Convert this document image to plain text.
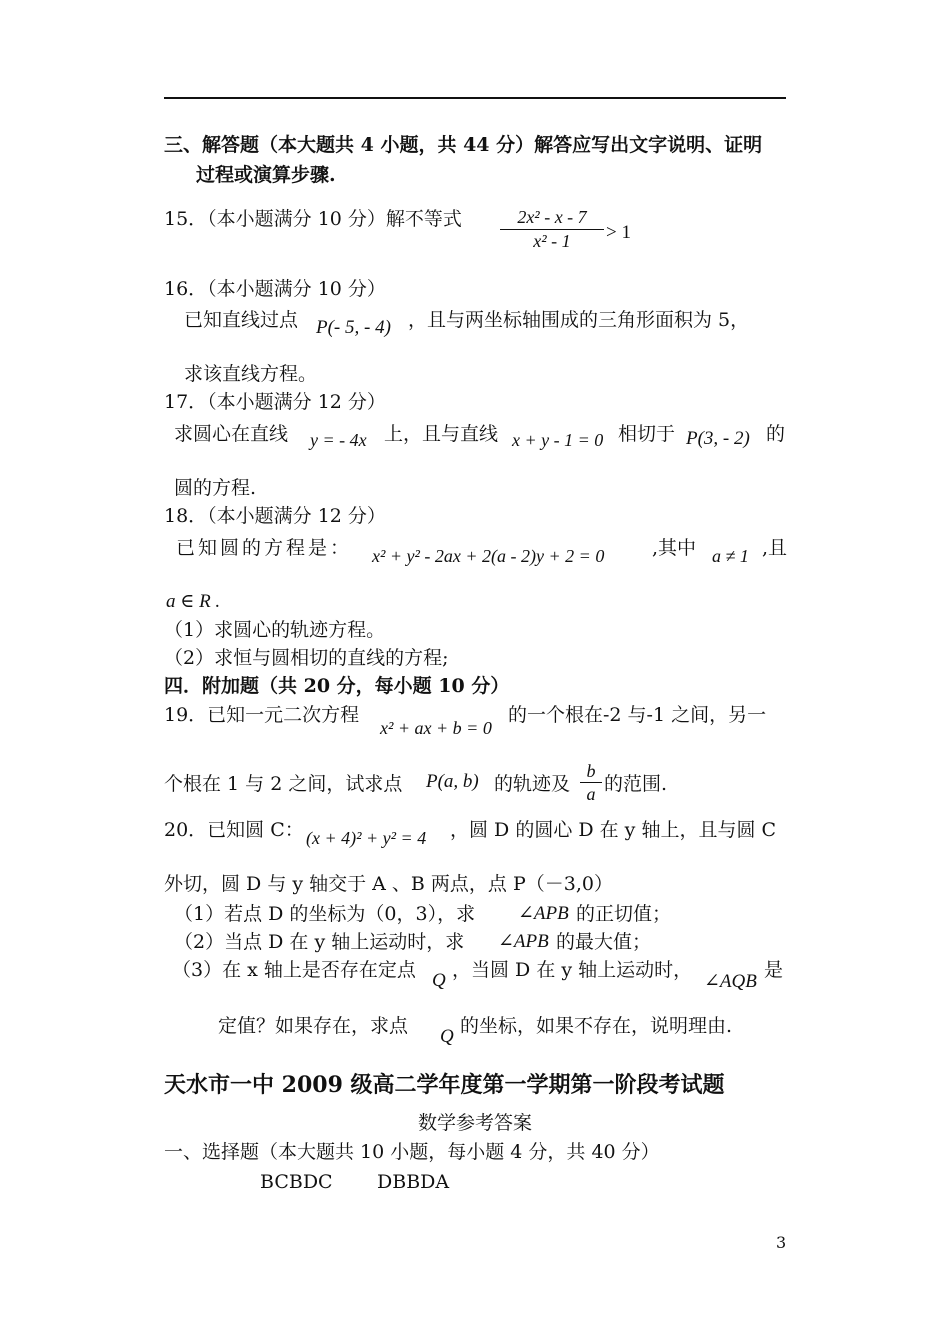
三、解答题（本大题共 4 小题，共 44 分）解答应写出文字说明、证明
过程或演算步骤.
15．（本小题满分 10 分）解不等式	2x² - x - 7
x² - 1	> 1
16．（本小题满分 10 分）
已知直线过点 P(- 5, - 4) ，且与两坐标轴围成的三角形面积为 5，
求该直线方程。
17．（本小题满分 12 分）
求圆心在直线 y = - 4x 上，且与直线 x + y - 1 = 0 相切于 P(3, - 2) 的
圆的方程.
18．（本小题满分 12 分）
已知圆的方程是： x² + y² - 2ax + 2(a - 2)y + 2 = 0	,其中 a ≠ 1 ,且
a ∈ R .
（1）求圆心的轨迹方程。
（2）求恒与圆相切的直线的方程;
四．附加题（共 20 分，每小题 10 分）
19．已知一元二次方程
x² + ax + b = 0
的一个根在-2 与-1 之间，另一
个根在 1 与 2 之间，试求点 P(a, b) 的轨迹及
b
a 的范围.
20．已知圆 C： (x + 4)² + y² = 4 ，圆 D 的圆心 D 在 y 轴上，且与圆 C
外切，圆 D 与 y 轴交于 A 、B 两点，点 P（－3,0）
（1）若点 D 的坐标为（0，3），求 ∠APB 的正切值；
（2）当点 D 在 y 轴上运动时，求 ∠APB 的最大值；
（3）在 x 轴上是否存在定点 Q ，当圆 D 在 y 轴上运动时，
∠AQB
是
定值？如果存在，求点 Q 的坐标，如果不存在，说明理由.
天水市一中 2009 级高二学年度第一学期第一阶段考试题
数学参考答案
一、选择题（本大题共 10 小题，每小题 4 分，共 40 分）
BCBDC DBBDA
3
